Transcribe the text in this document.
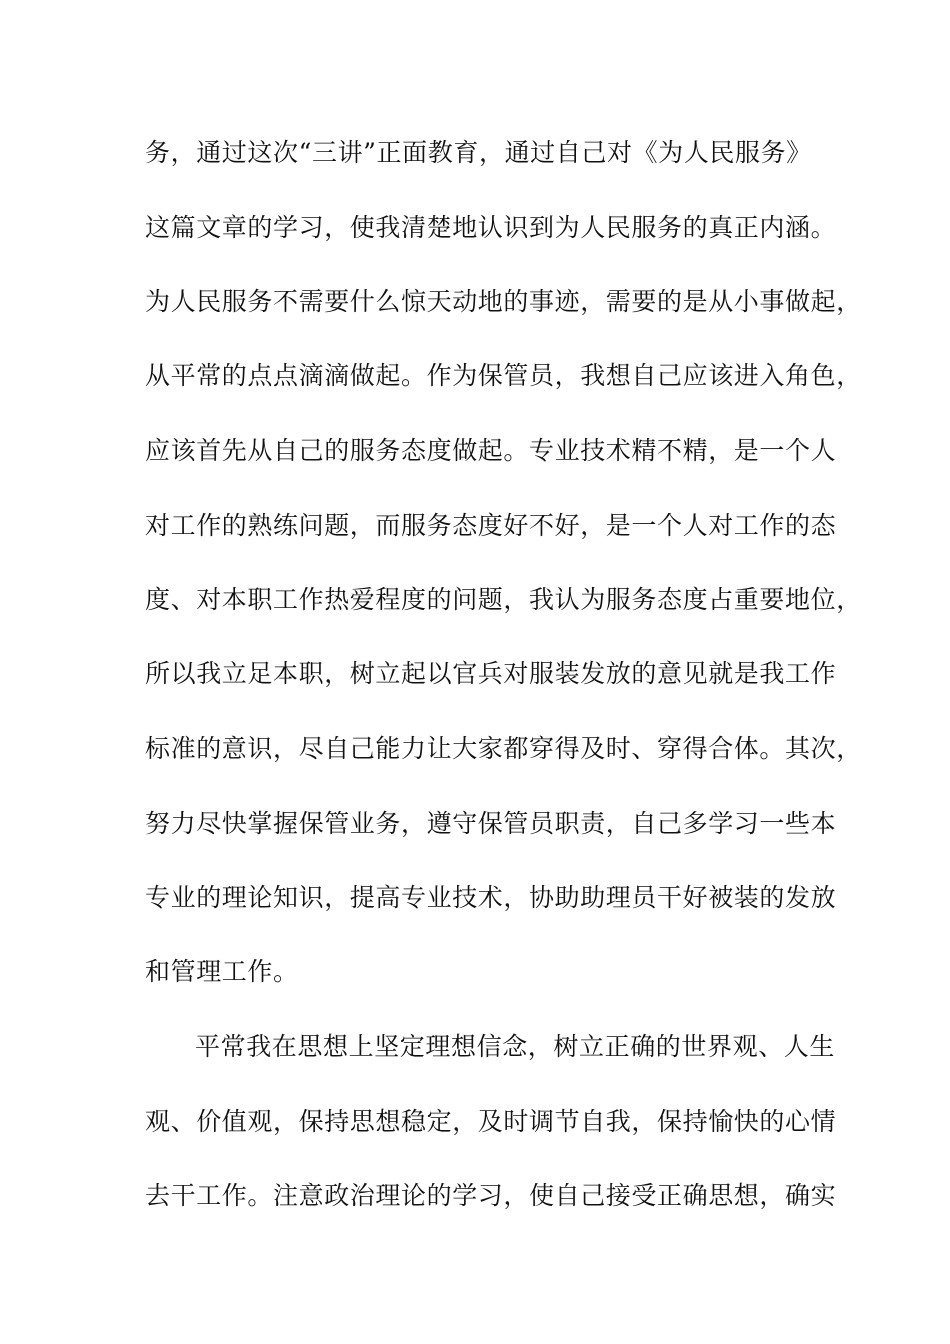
务，通过这次“三讲”正面教育，通过自己对《为人民服务》
这篇文章的学习，使我清楚地认识到为人民服务的真正内涵。
为人民服务不需要什么惊天动地的事迹，需要的是从小事做起，
从平常的点点滴滴做起。作为保管员，我想自己应该进入角色，
应该首先从自己的服务态度做起。专业技术精不精，是一个人
对工作的熟练问题，而服务态度好不好，是一个人对工作的态
度、对本职工作热爱程度的问题，我认为服务态度占重要地位，
所以我立足本职，树立起以官兵对服装发放的意见就是我工作
标准的意识，尽自己能力让大家都穿得及时、穿得合体。其次，
努力尽快掌握保管业务，遵守保管员职责，自己多学习一些本
专业的理论知识，提高专业技术，协助助理员干好被装的发放
和管理工作。
平常我在思想上坚定理想信念，树立正确的世界观、人生
观、价值观，保持思想稳定，及时调节自我，保持愉快的心情
去干工作。注意政治理论的学习，使自己接受正确思想，确实
